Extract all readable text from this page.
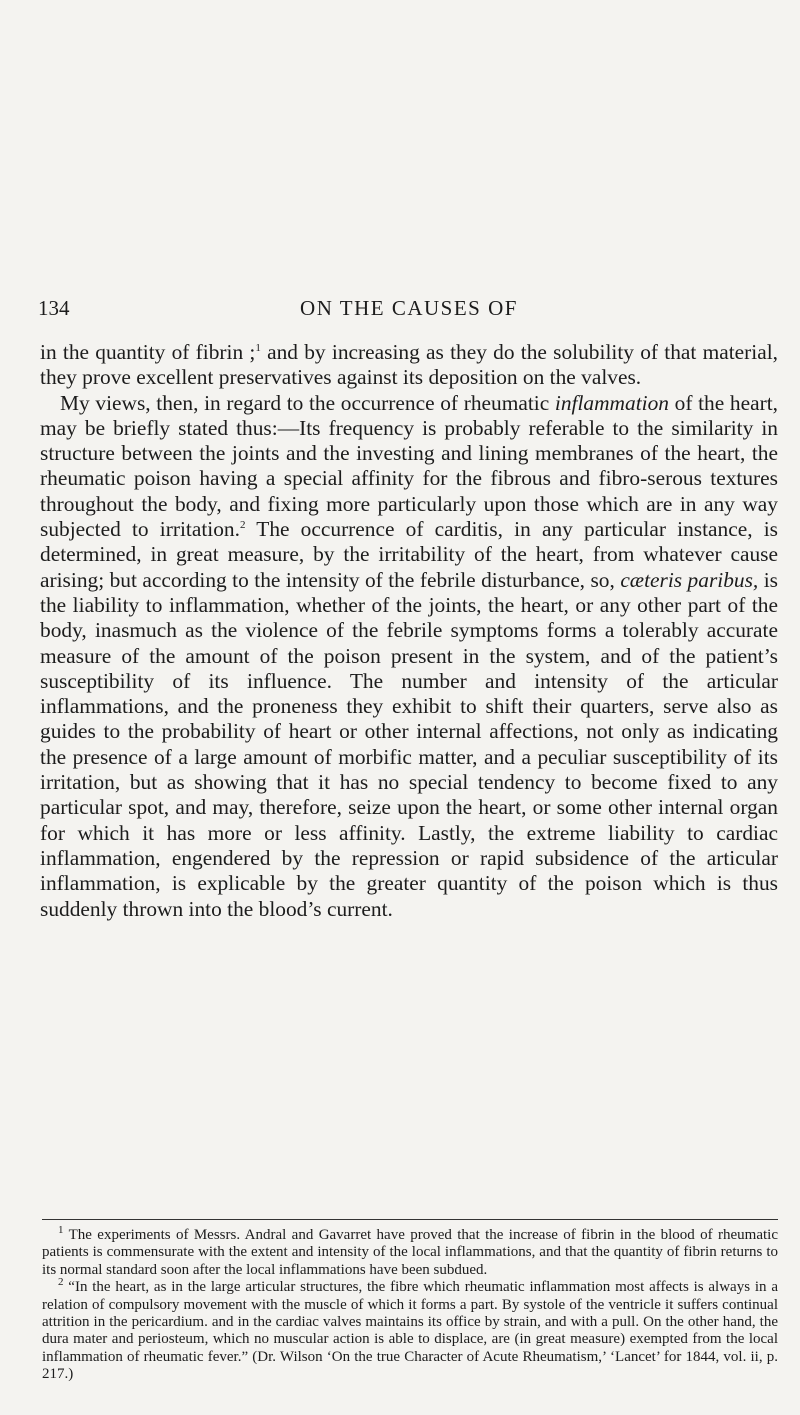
134	ON THE CAUSES OF

in the quantity of fibrin ;$^1$ and by increasing as they do the solubility of that material, they prove excellent preservatives against its deposition on the valves.

My views, then, in regard to the occurrence of rheumatic inflammation of the heart, may be briefly stated thus:—Its frequency is probably referable to the similarity in structure between the joints and the investing and lining membranes of the heart, the rheumatic poison having a special affinity for the fibrous and fibro-serous textures throughout the body, and fixing more particularly upon those which are in any way subjected to irritation.$^2$ The occurrence of carditis, in any particular instance, is determined, in great measure, by the irritability of the heart, from whatever cause arising; but according to the intensity of the febrile disturbance, so, cæteris paribus, is the liability to inflammation, whether of the joints, the heart, or any other part of the body, inasmuch as the violence of the febrile symptoms forms a tolerably accurate measure of the amount of the poison present in the system, and of the patient’s susceptibility of its influence. The number and intensity of the articular inflammations, and the proneness they exhibit to shift their quarters, serve also as guides to the probability of heart or other internal affections, not only as indicating the presence of a large amount of morbific matter, and a peculiar susceptibility of its irritation, but as showing that it has no special tendency to become fixed to any particular spot, and may, therefore, seize upon the heart, or some other internal organ for which it has more or less affinity. Lastly, the extreme liability to cardiac inflammation, engendered by the repression or rapid subsidence of the articular inflammation, is explicable by the greater quantity of the poison which is thus suddenly thrown into the blood’s current.

$^1$ The experiments of Messrs. Andral and Gavarret have proved that the increase of fibrin in the blood of rheumatic patients is commensurate with the extent and intensity of the local inflammations, and that the quantity of fibrin returns to its normal standard soon after the local inflammations have been subdued.

$^2$ “In the heart, as in the large articular structures, the fibre which rheumatic inflammation most affects is always in a relation of compulsory movement with the muscle of which it forms a part. By systole of the ventricle it suffers continual attrition in the pericardium. and in the cardiac valves maintains its office by strain, and with a pull. On the other hand, the dura mater and periosteum, which no muscular action is able to displace, are (in great measure) exempted from the local inflammation of rheumatic fever.” (Dr. Wilson ‘On the true Character of Acute Rheumatism,’ ‘Lancet’ for 1844, vol. ii, p. 217.)
